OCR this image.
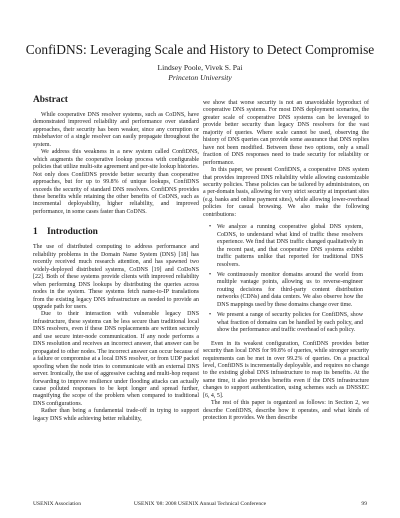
ConfiDNS: Leveraging Scale and History to Detect Compromise
Lindsey Poole, Vivek S. Pai
Princeton University
Abstract

While cooperative DNS resolver systems, such as CoDNS, have demonstrated improved reliability and performance over standard approaches, their security has been weaker, since any corruption or misbehavior of a single resolver can easily propagate throughout the system.

We address this weakness in a new system called ConfiDNS, which augments the cooperative lookup process with configurable policies that utilize multi-site agreement and per-site lookup histories. Not only does ConfiDNS provide better security than cooperative approaches, but for up to 99.8% of unique lookups, ConfiDNS exceeds the security of standard DNS resolvers. ConfiDNS provides these benefits while retaining the other benefits of CoDNS, such as incremental deployability, higher reliability, and improved performance, in some cases faster than CoDNS.

1 Introduction

The use of distributed computing to address performance and reliability problems in the Domain Name System (DNS) [18] has recently received much research attention, and has spawned two widely-deployed distributed systems, CoDNS [19] and CoDoNS [22]. Both of these systems provide clients with improved reliability when performing DNS lookups by distributing the queries across nodes in the system. These systems fetch name-to-IP translations from the existing legacy DNS infrastructure as needed to provide an upgrade path for users.

Due to their interaction with vulnerable legacy DNS infrastructure, these systems can be less secure than traditional local DNS resolvers, even if these DNS replacements are written securely and use secure inter-node communication. If any node performs a DNS resolution and receives an incorrect answer, that answer can be propagated to other nodes. The incorrect answer can occur because of a failure or compromise at a local DNS resolver, or from UDP packet spoofing when the node tries to communicate with an external DNS server. Ironically, the use of aggressive caching and multi-hop request forwarding to improve resilience under flooding attacks can actually cause polluted responses to be kept longer and spread further, magnifying the scope of the problem when compared to traditional DNS configurations.

Rather than being a fundamental trade-off in trying to support legacy DNS while achieving better reliability,

we show that worse security is not an unavoidable byproduct of cooperative DNS systems. For most DNS deployment scenarios, the greater scale of cooperative DNS systems can be leveraged to provide better security than legacy DNS resolvers for the vast majority of queries. Where scale cannot be used, observing the history of DNS queries can provide some assurance that DNS replies have not been modified. Between these two options, only a small fraction of DNS responses need to trade security for reliability or performance.

In this paper, we present ConfiDNS, a cooperative DNS system that provides improved DNS reliability while allowing customizable security policies. These policies can be tailored by administrators, on a per-domain basis, allowing for very strict security at important sites (e.g. banks and online payment sites), while allowing lower-overhead policies for casual browsing. We also make the following contributions:

• We analyze a running cooperative global DNS system, CoDNS, to understand what kind of traffic these resolvers experience. We find that DNS traffic changed qualitatively in the recent past, and that cooperative DNS systems exhibit traffic patterns unlike that reported for traditional DNS resolvers.
• We continuously monitor domains around the world from multiple vantage points, allowing us to reverse-engineer routing decisions for third-party content distribution networks (CDNs) and data centers. We also observe how the DNS mappings used by these domains change over time.
• We present a range of security policies for ConfiDNS, show what fraction of domains can be handled by each policy, and show the performance and traffic overhead of each policy.

Even in its weakest configuration, ConfiDNS provides better security than local DNS for 99.8% of queries, while stronger security requirements can be met in over 99.2% of queries. On a practical level, ConfiDNS is incrementally deployable, and requires no change to the existing global DNS infrastructure to reap its benefits. At the same time, it also provides benefits even if the DNS infrastructure changes to support authentication, using schemes such as DNSSEC [6, 4, 5].

The rest of this paper is organized as follows: in Section 2, we describe ConfiDNS, describe how it operates, and what kinds of protection it provides. We then describe

USENIX Association	USENIX '08: 2008 USENIX Annual Technical Conference	99
